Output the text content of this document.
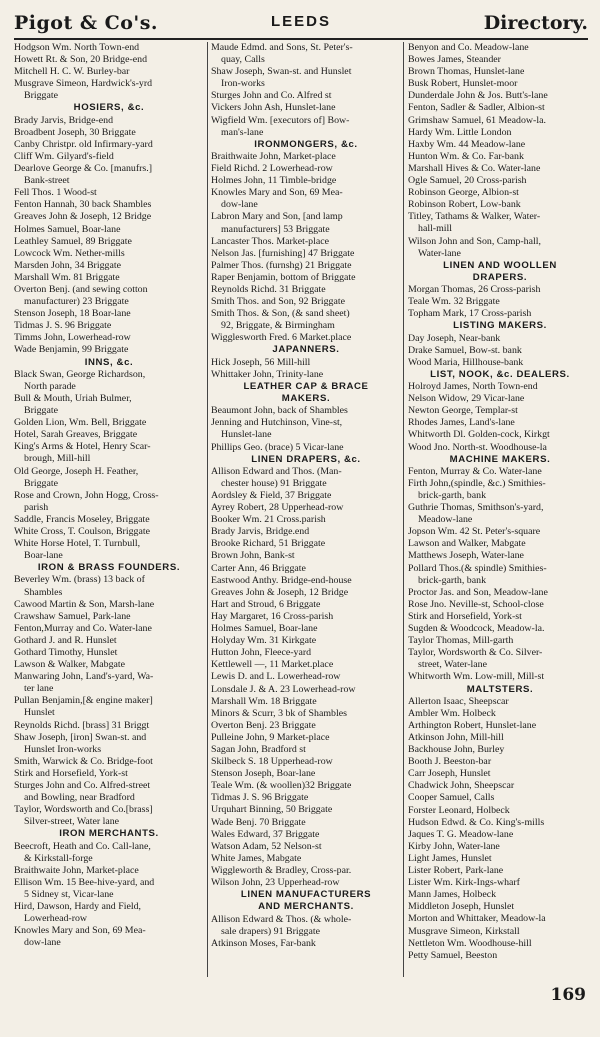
Pigot & Co's.	LEEDS	Directory.
Hodgson Wm. North Town-end
Howett Rt. & Son, 20 Bridge-end
Mitchell H. C. W. Burley-bar
Musgrave Simeon, Hardwick's-yrd
Briggate
HOSIERS, &c.
Brady Jarvis, Bridge-end
Broadbent Joseph, 30 Briggate
Canby Christpr. old Infirmary-yard
Cliff Wm. Gilyard's-field
Dearlove George & Co. [manufrs.]
Bank-street
Fell Thos. 1 Wood-st
Fenton Hannah, 30 back Shambles
Greaves John & Joseph, 12 Bridge
Holmes Samuel, Boar-lane
Leathley Samuel, 89 Briggate
Lowcock Wm. Nether-mills
Marsden John, 34 Briggate
Marshall Wm. 81 Briggate
Overton Benj. (and sewing cotton
manufacturer) 23 Briggate
Stenson Joseph, 18 Boar-lane
Tidmas J. S. 96 Briggate
Timms John, Lowerhead-row
Wade Benjamin, 99 Briggate
INNS, &c.
Black Swan, George Richardson,
North parade
Bull & Mouth, Uriah Bulmer,
Briggate
Golden Lion, Wm. Bell, Briggate
Hotel, Sarah Greaves, Briggate
King's Arms & Hotel, Henry Scar-
brough, Mill-hill
Old George, Joseph H. Feather,
Briggate
Rose and Crown, John Hogg, Cross-
parish
Saddle, Francis Moseley, Briggate
White Cross, T. Coulson, Briggate
White Horse Hotel, T. Turnbull,
Boar-lane
IRON & BRASS FOUNDERS.
Beverley Wm. (brass) 13 back of
Shambles
Cawood Martin & Son, Marsh-lane
Crawshaw Samuel, Park-lane
Fenton,Murray and Co. Water-lane
Gothard J. and R. Hunslet
Gothard Timothy, Hunslet
Lawson & Walker, Mabgate
Manwaring John, Land's-yard, Wa-
ter lane
Pullan Benjamin,[& engine maker]
Hunslet
Reynolds Richd. [brass] 31 Briggt
Shaw Joseph, [iron] Swan-st. and
Hunslet Iron-works
Smith, Warwick & Co. Bridge-foot
Stirk and Horsefield, York-st
Sturges John and Co. Alfred-street
and Bowling, near Bradford
Taylor, Wordsworth and Co.[brass]
Silver-street, Water lane
IRON MERCHANTS.
Beecroft, Heath and Co. Call-lane,
& Kirkstall-forge
Braithwaite John, Market-place
Ellison Wm. 15 Bee-hive-yard, and
5 Sidney st, Vicar-lane
Hird, Dawson, Hardy and Field,
Lowerhead-row
Knowles Mary and Son, 69 Mea-
dow-lane
Maude Edmd. and Sons, St. Peter's-
quay, Calls
Shaw Joseph, Swan-st. and Hunslet
Iron-works
Sturges John and Co. Alfred st
Vickers John Ash, Hunslet-lane
Wigfield Wm. [executors of] Bow-
man's-lane
IRONMONGERS, &c.
Braithwaite John, Market-place
Field Richd. 2 Lowerhead-row
Holmes John, 11 Timble-bridge
Knowles Mary and Son, 69 Mea-
dow-lane
Labron Mary and Son, [and lamp
manufacturers] 53 Briggate
Lancaster Thos. Market-place
Nelson Jas. [furnishing] 47 Briggate
Palmer Thos. (furnshg) 21 Briggate
Raper Benjamin, bottom of Briggate
Reynolds Richd. 31 Briggate
Smith Thos. and Son, 92 Briggate
Smith Thos. & Son, (& sand sheet)
92, Briggate, & Birmingham
Wigglesworth Fred. 6 Market.place
JAPANNERS.
Hick Joseph, 56 Mill-hill
Whittaker John, Trinity-lane
LEATHER CAP & BRACE
MAKERS.
Beaumont John, back of Shambles
Jenning and Hutchinson, Vine-st,
Hunslet-lane
Phillips Geo. (brace) 5 Vicar-lane
LINEN DRAPERS, &c.
Allison Edward and Thos. (Man-
chester house) 91 Briggate
Aordsley & Field, 37 Briggate
Ayrey Robert, 28 Upperhead-row
Booker Wm. 21 Cross.parish
Brady Jarvis, Bridge.end
Brooke Richard, 51 Briggate
Brown John, Bank-st
Carter Ann, 46 Briggate
Eastwood Anthy. Bridge-end-house
Greaves John & Joseph, 12 Bridge
Hart and Stroud, 6 Briggate
Hay Margaret, 16 Cross-parish
Holmes Samuel, Boar-lane
Holyday Wm. 31 Kirkgate
Hutton John, Fleece-yard
Kettlewell —, 11 Market.place
Lewis D. and L. Lowerhead-row
Lonsdale J. & A. 23 Lowerhead-row
Marshall Wm. 18 Briggate
Minors & Scurr, 3 bk of Shambles
Overton Benj. 23 Briggate
Pulleine John, 9 Market-place
Sagan John, Bradford st
Skilbeck S. 18 Upperhead-row
Stenson Joseph, Boar-lane
Teale Wm. (& woollen)32 Briggate
Tidmas J. S. 96 Briggate
Urquhart Binning, 50 Briggate
Wade Benj. 70 Briggate
Wales Edward, 37 Briggate
Watson Adam, 52 Nelson-st
White James, Mabgate
Wiggleworth & Bradley, Cross-par.
Wilson John, 23 Upperhead-row
LINEN MANUFACTURERS
AND MERCHANTS.
Allison Edward & Thos. (& whole-
sale drapers) 91 Briggate
Atkinson Moses, Far-bank
Benyon and Co. Meadow-lane
Bowes James, Steander
Brown Thomas, Hunslet-lane
Busk Robert, Hunslet-moor
Dunderdale John & Jos. Butt's-lane
Fenton, Sadler & Sadler, Albion-st
Grimshaw Samuel, 61 Meadow-la.
Hardy Wm. Little London
Haxby Wm. 44 Meadow-lane
Hunton Wm. & Co. Far-bank
Marshall Hives & Co. Water-lane
Ogle Samuel, 20 Cross-parish
Robinson George, Albion-st
Robinson Robert, Low-bank
Titley, Tathams & Walker, Water-
hall-mill
Wilson John and Son, Camp-hall,
Water-lane
LINEN AND WOOLLEN
DRAPERS.
Morgan Thomas, 26 Cross-parish
Teale Wm. 32 Briggate
Topham Mark, 17 Cross-parish
LISTING MAKERS.
Day Joseph, Near-bank
Drake Samuel, Bow-st. bank
Wood Maria, Hillhouse-bank
LIST, NOOK, &c. DEALERS.
Holroyd James, North Town-end
Nelson Widow, 29 Vicar-lane
Newton George, Templar-st
Rhodes James, Land's-lane
Whitworth Dl. Golden-cock, Kirkgt
Wood Jno. North-st. Woodhouse-la
MACHINE MAKERS.
Fenton, Murray & Co. Water-lane
Firth John,(spindle, &c.) Smithies-
brick-garth, bank
Guthrie Thomas, Smithson's-yard,
Meadow-lane
Jopson Wm. 42 St. Peter's-square
Lawson and Walker, Mabgate
Matthews Joseph, Water-lane
Pollard Thos.(& spindle) Smithies-
brick-garth, bank
Proctor Jas. and Son, Meadow-lane
Rose Jno. Neville-st, School-close
Stirk and Horsefield, York-st
Sugden & Woodcock, Meadow-la.
Taylor Thomas, Mill-garth
Taylor, Wordsworth & Co. Silver-
street, Water-lane
Whitworth Wm. Low-mill, Mill-st
MALTSTERS.
Allerton Isaac, Sheepscar
Ambler Wm. Holbeck
Arthington Robert, Hunslet-lane
Atkinson John, Mill-hill
Backhouse John, Burley
Booth J. Beeston-bar
Carr Joseph, Hunslet
Chadwick John, Sheepscar
Cooper Samuel, Calls
Forster Leonard, Holbeck
Hudson Edwd. & Co. King's-mills
Jaques T. G. Meadow-lane
Kirby John, Water-lane
Light James, Hunslet
Lister Robert, Park-lane
Lister Wm. Kirk-Ings-wharf
Mann James, Holbeck
Middleton Joseph, Hunslet
Morton and Whittaker, Meadow-la
Musgrave Simeon, Kirkstall
Nettleton Wm. Woodhouse-hill
Petty Samuel, Beeston
169
